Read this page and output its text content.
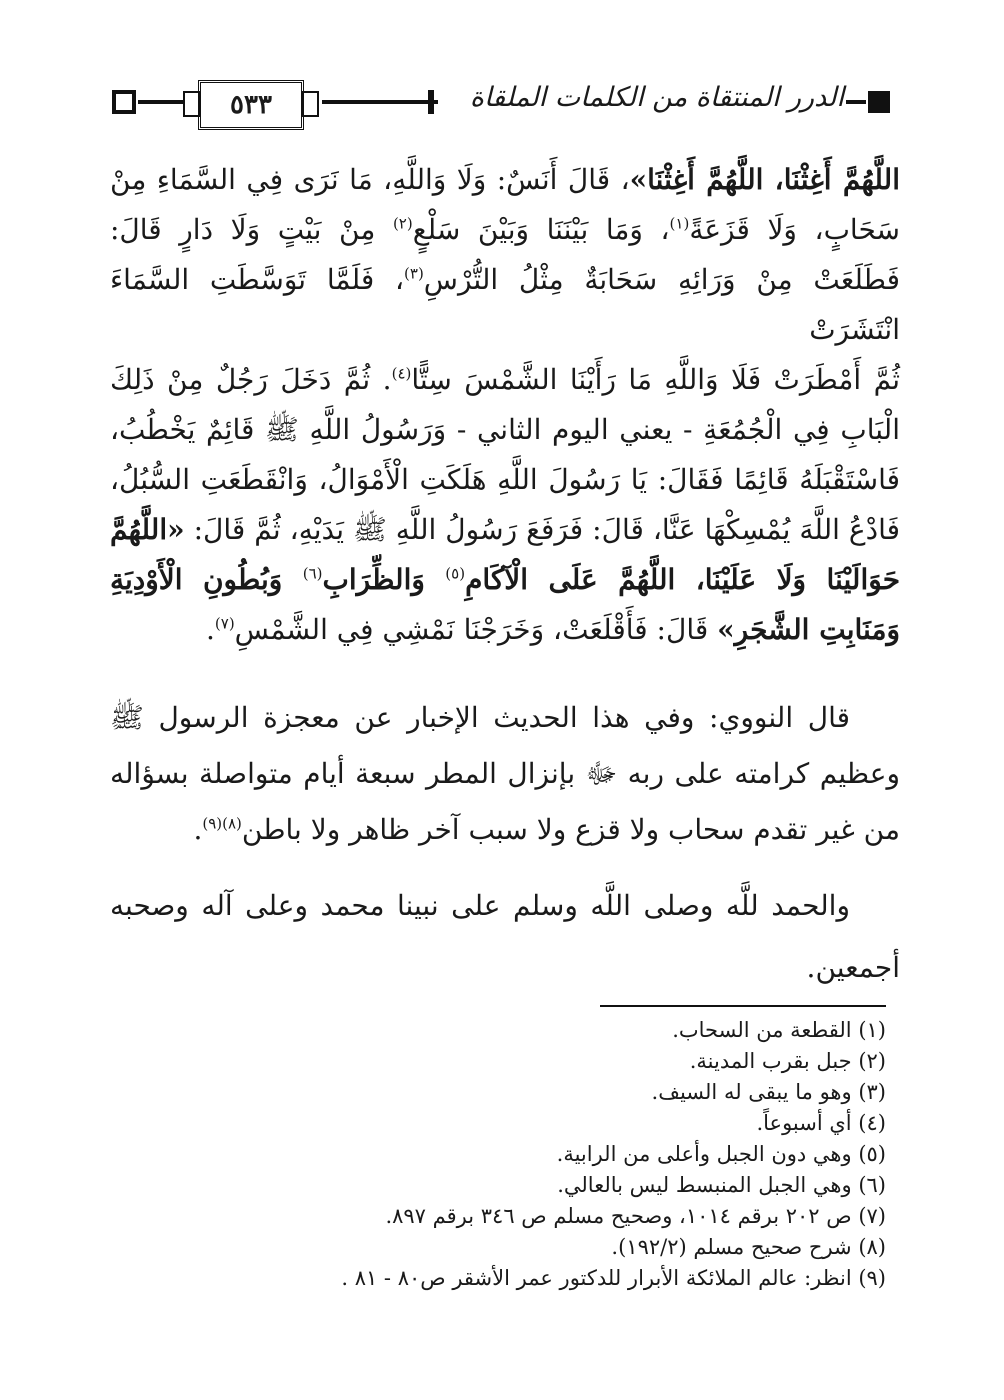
٥٣٣	الدرر المنتقاة من الكلمات الملقاة

اللَّهُمَّ أَغِثْنَا، اللَّهُمَّ أَغِثْنَا»، قَالَ أَنَسٌ: وَلَا وَاللَّهِ، مَا نَرَى فِي السَّمَاءِ مِنْ

سَحَابٍ، وَلَا قَزَعَةً$^{(١)}$، وَمَا بَيْنَنَا وَبَيْنَ سَلْعٍ$^{(٢)}$ مِنْ بَيْتٍ وَلَا دَارٍ قَالَ:

فَطَلَعَتْ مِنْ وَرَائِهِ سَحَابَةٌ مِثْلُ التُّرْسِ$^{(٣)}$، فَلَمَّا تَوَسَّطَتِ السَّمَاءَ انْتَشَرَتْ

ثُمَّ أَمْطَرَتْ فَلَا وَاللَّهِ مَا رَأَيْنَا الشَّمْسَ سِتًّا$^{(٤)}$. ثُمَّ دَخَلَ رَجُلٌ مِنْ ذَلِكَ

الْبَابِ فِي الْجُمُعَةِ - يعني اليوم الثاني - وَرَسُولُ اللَّهِ ﷺ قَائِمٌ يَخْطُبُ،

فَاسْتَقْبَلَهُ قَائِمًا فَقَالَ: يَا رَسُولَ اللَّهِ هَلَكَتِ الْأَمْوَالُ، وَانْقَطَعَتِ السُّبُلُ،

فَادْعُ اللَّهَ يُمْسِكْهَا عَنَّا، قَالَ: فَرَفَعَ رَسُولُ اللَّهِ ﷺ يَدَيْهِ، ثُمَّ قَالَ: «اللَّهُمَّ

حَوَالَيْنَا وَلَا عَلَيْنَا، اللَّهُمَّ عَلَى الْآكَامِ$^{(٥)}$ وَالظِّرَابِ$^{(٦)}$ وَبُطُونِ الْأَوْدِيَةِ

وَمَنَابِتِ الشَّجَرِ» قَالَ: فَأَقْلَعَتْ، وَخَرَجْنَا نَمْشِي فِي الشَّمْسِ$^{(٧)}$.

قال النووي: وفي هذا الحديث الإخبار عن معجزة الرسول ﷺ وعظيم كرامته على ربه ﷻ بإنزال المطر سبعة أيام متواصلة بسؤاله من غير تقدم سحاب ولا قزع ولا سبب آخر ظاهر ولا باطن$^{(٨)(٩)}$.

والحمد للَّه وصلى اللَّه وسلم على نبينا محمد وعلى آله وصحبه أجمعين.

(١) القطعة من السحاب.
(٢) جبل بقرب المدينة.
(٣) وهو ما يبقى له السيف.
(٤) أي أسبوعاً.
(٥) وهي دون الجبل وأعلى من الرابية.
(٦) وهي الجبل المنبسط ليس بالعالي.
(٧) ص ٢٠٢ برقم ١٠١٤، وصحيح مسلم ص ٣٤٦ برقم ٨٩٧.
(٨) شرح صحيح مسلم (١٩٢/٢).
(٩) انظر: عالم الملائكة الأبرار للدكتور عمر الأشقر ص٨٠ - ٨١ .
